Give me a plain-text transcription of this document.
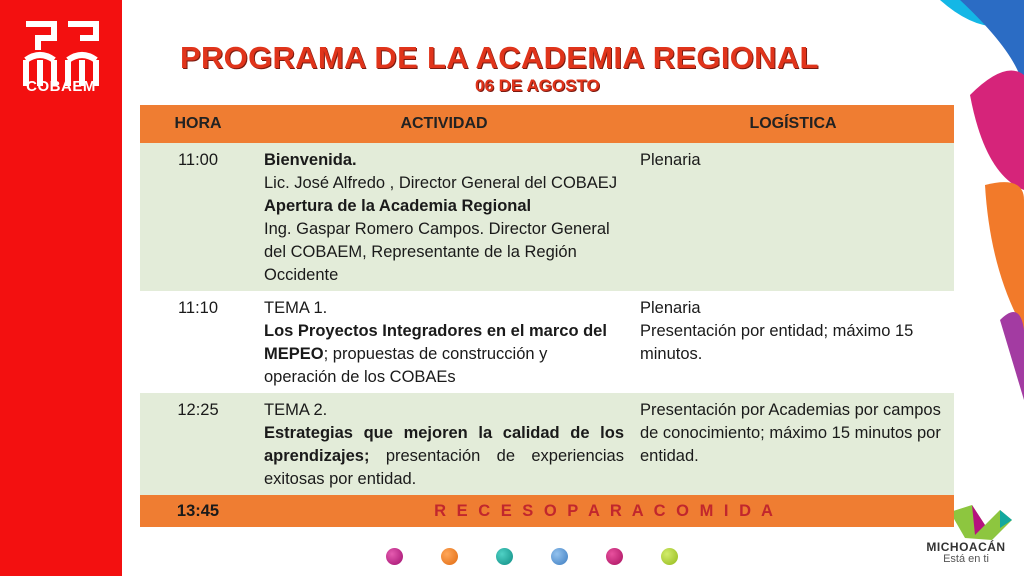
COBAEM
PROGRAMA DE LA ACADEMIA REGIONAL
06 DE AGOSTO
HORA	ACTIVIDAD	LOGÍSTICA
11:00	Bienvenida.
Lic. José Alfredo , Director General del COBAEJ
Apertura de la Academia Regional
Ing. Gaspar Romero Campos. Director General del COBAEM, Representante de la Región Occidente	Plenaria
11:10	TEMA 1.
Los Proyectos Integradores en el marco del MEPEO; propuestas de construcción y operación de los COBAEs	Plenaria
Presentación por entidad; máximo 15 minutos.
12:25	TEMA 2.
Estrategias que mejoren la calidad de los aprendizajes; presentación de experiencias exitosas por entidad.	Presentación por Academias por campos de conocimiento; máximo 15 minutos por entidad.
13:45	R E C E S O P A R A C O M I D A	
MICHOACÁN
Está en ti
